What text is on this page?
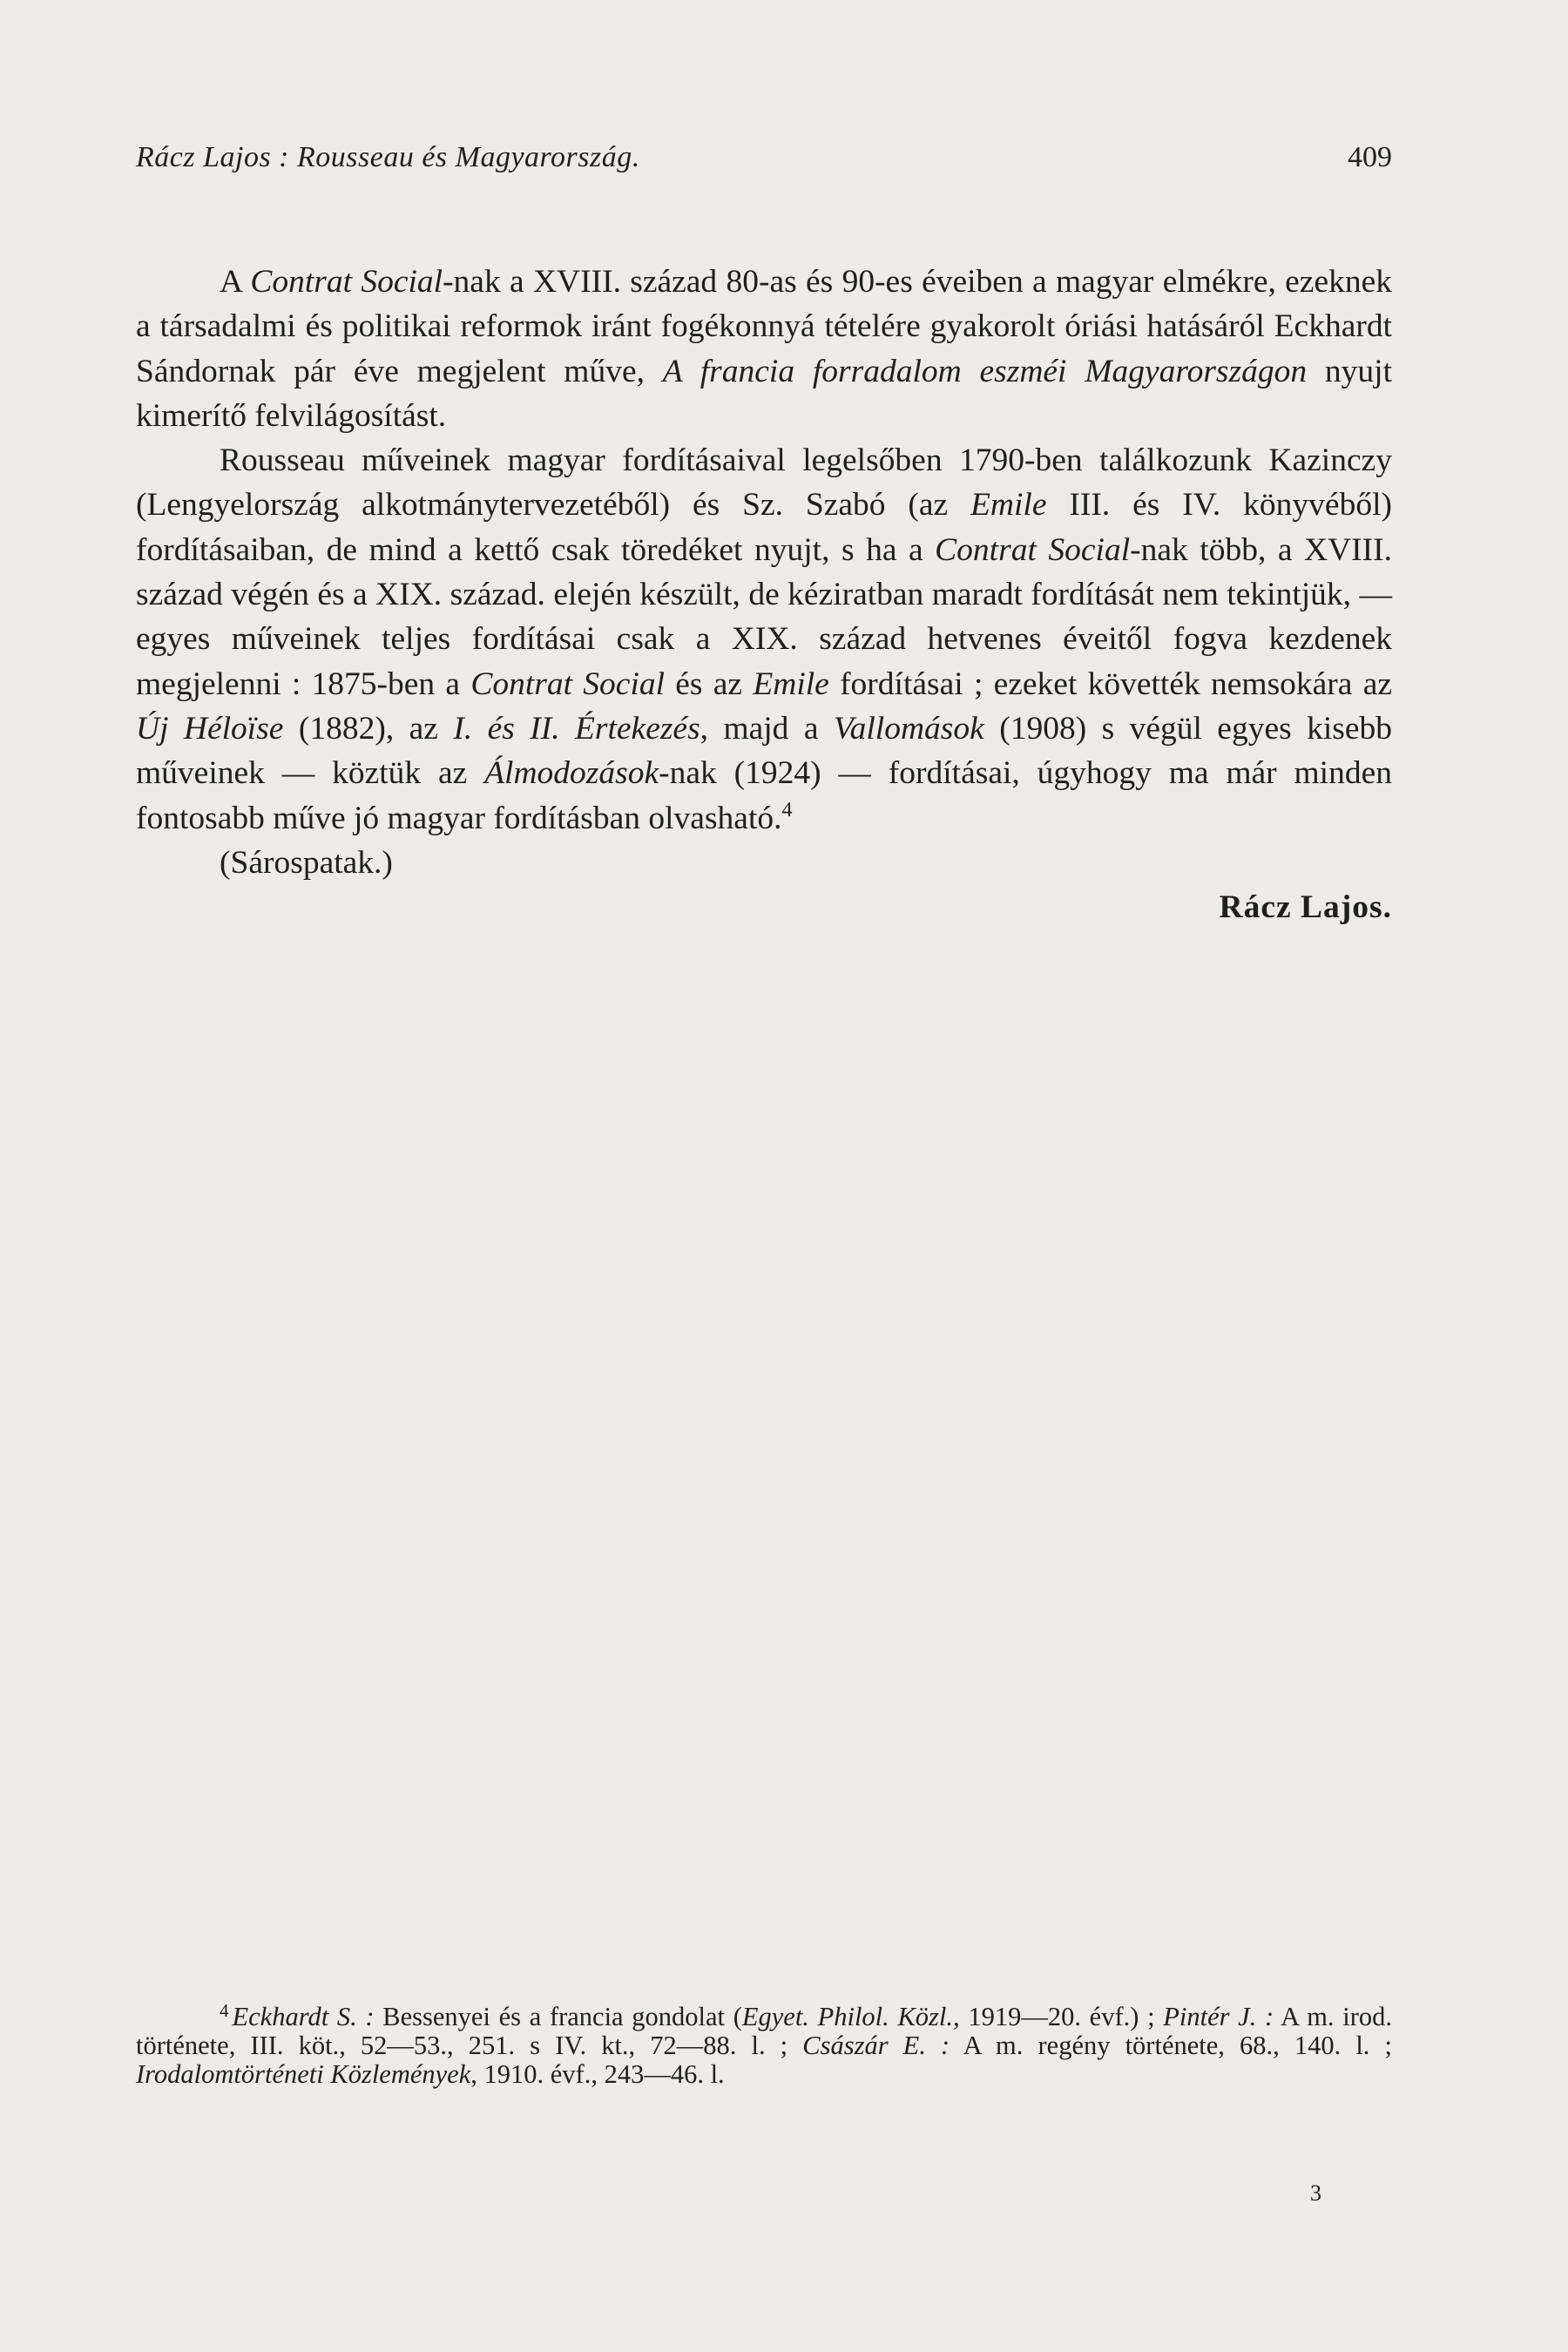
Rácz Lajos : Rousseau és Magyarország.	409

A Contrat Social-nak a XVIII. század 80-as és 90-es éveiben a magyar elmékre, ezeknek a társadalmi és politikai reformok iránt fogékonnyá tételére gyakorolt óriási hatásáról Eckhardt Sándornak pár éve megjelent műve, A francia forradalom eszméi Magyarországon nyujt kimerítő felvilágosítást.

Rousseau műveinek magyar fordításaival legelsőben 1790-ben találkozunk Kazinczy (Lengyelország alkotmánytervezetéből) és Sz. Szabó (az Emile III. és IV. könyvéből) fordításaiban, de mind a kettő csak töredéket nyujt, s ha a Contrat Social-nak több, a XVIII. század végén és a XIX. század. elején készült, de kéziratban maradt fordítását nem tekintjük, — egyes műveinek teljes fordításai csak a XIX. század hetvenes éveitől fogva kezdenek megjelenni : 1875-ben a Contrat Social és az Emile fordításai ; ezeket követték nemsokára az Új Héloïse (1882), az I. és II. Értekezés, majd a Vallomások (1908) s végül egyes kisebb műveinek — köztük az Álmodozások-nak (1924) — fordításai, úgyhogy ma már minden fontosabb műve jó magyar fordításban olvasható.$^4$

(Sárospatak.)

Rácz Lajos.
$^4$ Eckhardt S. : Bessenyei és a francia gondolat (Egyet. Philol. Közl., 1919—20. évf.) ; Pintér J. : A m. irod. története, III. köt., 52—53., 251. s IV. kt., 72—88. l. ; Császár E. : A m. regény története, 68., 140. l. ; Irodalomtörténeti Közlemények, 1910. évf., 243—46. l.
3
